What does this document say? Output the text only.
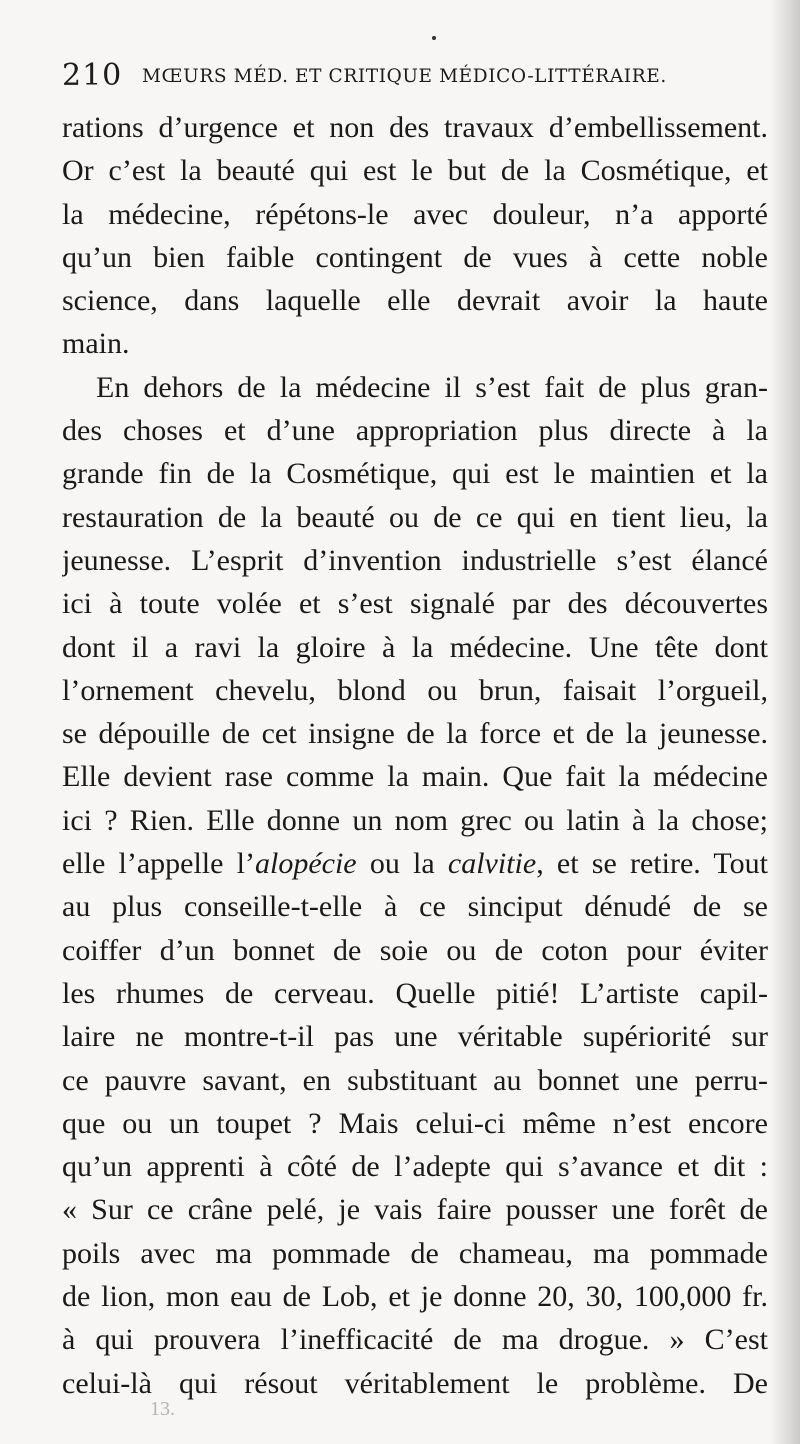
210 MŒURS MÉD. ET CRITIQUE MÉDICO-LITTÉRAIRE.
rations d’urgence et non des travaux d’embellissement.
Or c’est la beauté qui est le but de la Cosmétique, et
la médecine, répétons-le avec douleur, n’a apporté
qu’un bien faible contingent de vues à cette noble
science, dans laquelle elle devrait avoir la haute
main.
En dehors de la médecine il s’est fait de plus gran-
des choses et d’une appropriation plus directe à la
grande fin de la Cosmétique, qui est le maintien et la
restauration de la beauté ou de ce qui en tient lieu, la
jeunesse. L’esprit d’invention industrielle s’est élancé
ici à toute volée et s’est signalé par des découvertes
dont il a ravi la gloire à la médecine. Une tête dont
l’ornement chevelu, blond ou brun, faisait l’orgueil,
se dépouille de cet insigne de la force et de la jeunesse.
Elle devient rase comme la main. Que fait la médecine
ici ? Rien. Elle donne un nom grec ou latin à la chose;
elle l’appelle l’alopécie ou la calvitie, et se retire. Tout
au plus conseille-t-elle à ce sinciput dénudé de se
coiffer d’un bonnet de soie ou de coton pour éviter
les rhumes de cerveau. Quelle pitié! L’artiste capil-
laire ne montre-t-il pas une véritable supériorité sur
ce pauvre savant, en substituant au bonnet une perru-
que ou un toupet ? Mais celui-ci même n’est encore
qu’un apprenti à côté de l’adepte qui s’avance et dit :
« Sur ce crâne pelé, je vais faire pousser une forêt de
poils avec ma pommade de chameau, ma pommade
de lion, mon eau de Lob, et je donne 20, 30, 100,000 fr.
à qui prouvera l’inefficacité de ma drogue. » C’est
celui-là qui résout véritablement le problème. De
13.
